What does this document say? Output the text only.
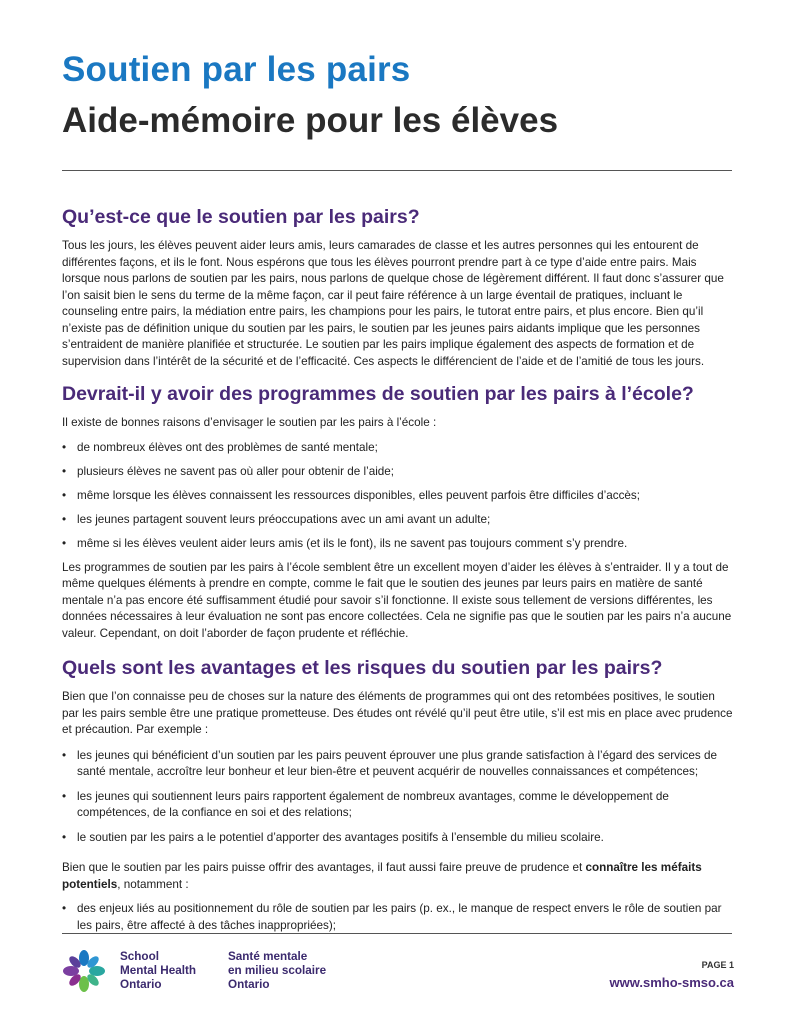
Soutien par les pairs
Aide-mémoire pour les élèves
Qu’est-ce que le soutien par les pairs?

Tous les jours, les élèves peuvent aider leurs amis, leurs camarades de classe et les autres personnes qui les entourent de différentes façons, et ils le font. Nous espérons que tous les élèves pourront prendre part à ce type d’aide entre pairs. Mais lorsque nous parlons de soutien par les pairs, nous parlons de quelque chose de légèrement différent. Il faut donc s’assurer que l’on saisit bien le sens du terme de la même façon, car il peut faire référence à un large éventail de pratiques, incluant le counseling entre pairs, la médiation entre pairs, les champions pour les pairs, le tutorat entre pairs, et plus encore. Bien qu’il n’existe pas de définition unique du soutien par les pairs, le soutien par les jeunes pairs aidants implique que les personnes s’entraident de manière planifiée et structurée. Le soutien par les pairs implique également des aspects de formation et de supervision dans l’intérêt de la sécurité et de l’efficacité. Ces aspects le différencient de l’aide et de l’amitié de tous les jours.

Devrait-il y avoir des programmes de soutien par les pairs à l’école?

Il existe de bonnes raisons d’envisager le soutien par les pairs à l’école :

• de nombreux élèves ont des problèmes de santé mentale;
• plusieurs élèves ne savent pas où aller pour obtenir de l’aide;
• même lorsque les élèves connaissent les ressources disponibles, elles peuvent parfois être difficiles d’accès;
• les jeunes partagent souvent leurs préoccupations avec un ami avant un adulte;
• même si les élèves veulent aider leurs amis (et ils le font), ils ne savent pas toujours comment s’y prendre.

Les programmes de soutien par les pairs à l’école semblent être un excellent moyen d’aider les élèves à s’entraider. Il y a tout de même quelques éléments à prendre en compte, comme le fait que le soutien des jeunes par leurs pairs en matière de santé mentale n’a pas encore été suffisamment étudié pour savoir s’il fonctionne. Il existe sous tellement de versions différentes, les données nécessaires à leur évaluation ne sont pas encore collectées. Cela ne signifie pas que le soutien par les pairs n’a aucune valeur. Cependant, on doit l’aborder de façon prudente et réfléchie.

Quels sont les avantages et les risques du soutien par les pairs?

Bien que l’on connaisse peu de choses sur la nature des éléments de programmes qui ont des retombées positives, le soutien par les pairs semble être une pratique prometteuse. Des études ont révélé qu’il peut être utile, s’il est mis en place avec prudence et précaution. Par exemple :

• les jeunes qui bénéficient d’un soutien par les pairs peuvent éprouver une plus grande satisfaction à l’égard des services de santé mentale, accroître leur bonheur et leur bien-être et peuvent acquérir de nouvelles connaissances et compétences;
• les jeunes qui soutiennent leurs pairs rapportent également de nombreux avantages, comme le développement de compétences, de la confiance en soi et des relations;
• le soutien par les pairs a le potentiel d’apporter des avantages positifs à l’ensemble du milieu scolaire.

Bien que le soutien par les pairs puisse offrir des avantages, il faut aussi faire preuve de prudence et connaître les méfaits potentiels, notamment :

• des enjeux liés au positionnement du rôle de soutien par les pairs (p. ex., le manque de respect envers le rôle de soutien par les pairs, être affecté à des tâches inappropriées);
School
Mental Health
Ontario
Santé mentale
en milieu scolaire
Ontario
PAGE 1
www.smho-smso.ca
